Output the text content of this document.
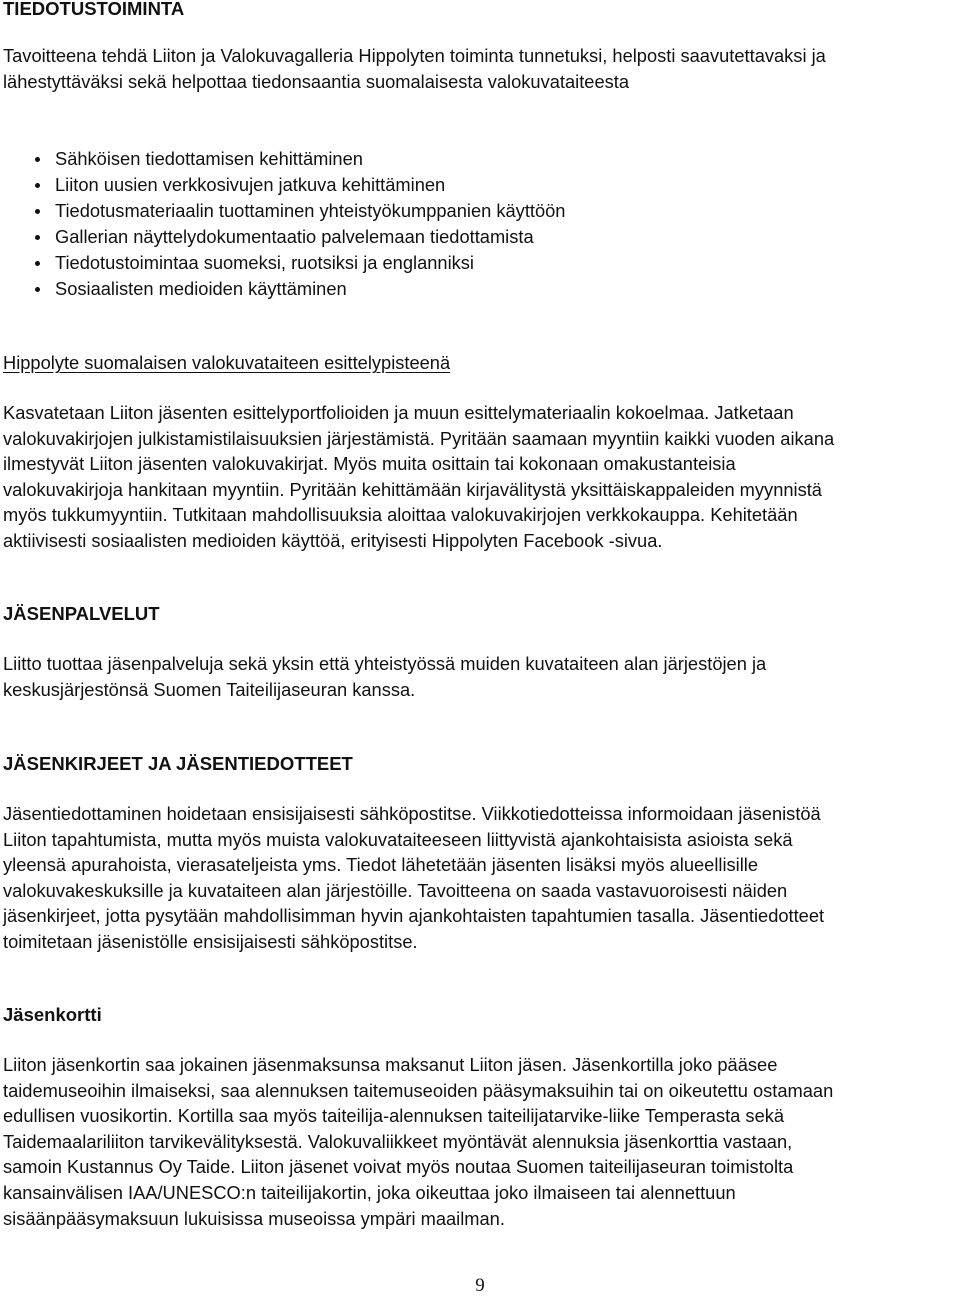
TIEDOTUSTOIMINTA

Tavoitteena tehdä Liiton ja Valokuvagalleria Hippolyten toiminta tunnetuksi, helposti saavutettavaksi ja

lähestyttäväksi sekä helpottaa tiedonsaantia suomalaisesta valokuvataiteesta

Sähköisen tiedottamisen kehittäminen
Liiton uusien verkkosivujen jatkuva kehittäminen
Tiedotusmateriaalin tuottaminen yhteistyökumppanien käyttöön
Gallerian näyttelydokumentaatio palvelemaan tiedottamista
Tiedotustoimintaa suomeksi, ruotsiksi ja englanniksi
Sosiaalisten medioiden käyttäminen

Hippolyte suomalaisen valokuvataiteen esittelypisteenä

Kasvatetaan Liiton jäsenten esittelyportfolioiden ja muun esittelymateriaalin kokoelmaa. Jatketaan

valokuvakirjojen julkistamistilaisuuksien järjestämistä. Pyritään saamaan myyntiin kaikki vuoden aikana

ilmestyvät Liiton jäsenten valokuvakirjat. Myös muita osittain tai kokonaan omakustanteisia

valokuvakirjoja hankitaan myyntiin. Pyritään kehittämään kirjavälitystä yksittäiskappaleiden myynnistä

myös tukkumyyntiin. Tutkitaan mahdollisuuksia aloittaa valokuvakirjojen verkkokauppa. Kehitetään

aktiivisesti sosiaalisten medioiden käyttöä, erityisesti Hippolyten Facebook -sivua.

JÄSENPALVELUT

Liitto tuottaa jäsenpalveluja sekä yksin että yhteistyössä muiden kuvataiteen alan järjestöjen ja

keskusjärjestönsä Suomen Taiteilijaseuran kanssa.

JÄSENKIRJEET JA JÄSENTIEDOTTEET

Jäsentiedottaminen hoidetaan ensisijaisesti sähköpostitse. Viikkotiedotteissa informoidaan jäsenistöä

Liiton tapahtumista, mutta myös muista valokuvataiteeseen liittyvistä ajankohtaisista asioista sekä

yleensä apurahoista, vierasateljeista yms. Tiedot lähetetään jäsenten lisäksi myös alueellisille

valokuvakeskuksille ja kuvataiteen alan järjestöille. Tavoitteena on saada vastavuoroisesti näiden

jäsenkirjeet, jotta pysytään mahdollisimman hyvin ajankohtaisten tapahtumien tasalla. Jäsentiedotteet

toimitetaan jäsenistölle ensisijaisesti sähköpostitse.

Jäsenkortti

Liiton jäsenkortin saa jokainen jäsenmaksunsa maksanut Liiton jäsen. Jäsenkortilla joko pääsee

taidemuseoihin ilmaiseksi, saa alennuksen taitemuseoiden pääsymaksuihin tai on oikeutettu ostamaan

edullisen vuosikortin. Kortilla saa myös taiteilija-alennuksen taiteilijatarvike-liike Temperasta sekä

Taidemaalariliiton tarvikevälityksestä. Valokuvaliikkeet myöntävät alennuksia jäsenkorttia vastaan,

samoin Kustannus Oy Taide. Liiton jäsenet voivat myös noutaa Suomen taiteilijaseuran toimistolta

kansainvälisen IAA/UNESCO:n taiteilijakortin, joka oikeuttaa joko ilmaiseen tai alennettuun

sisäänpääsymaksuun lukuisissa museoissa ympäri maailman.

9
